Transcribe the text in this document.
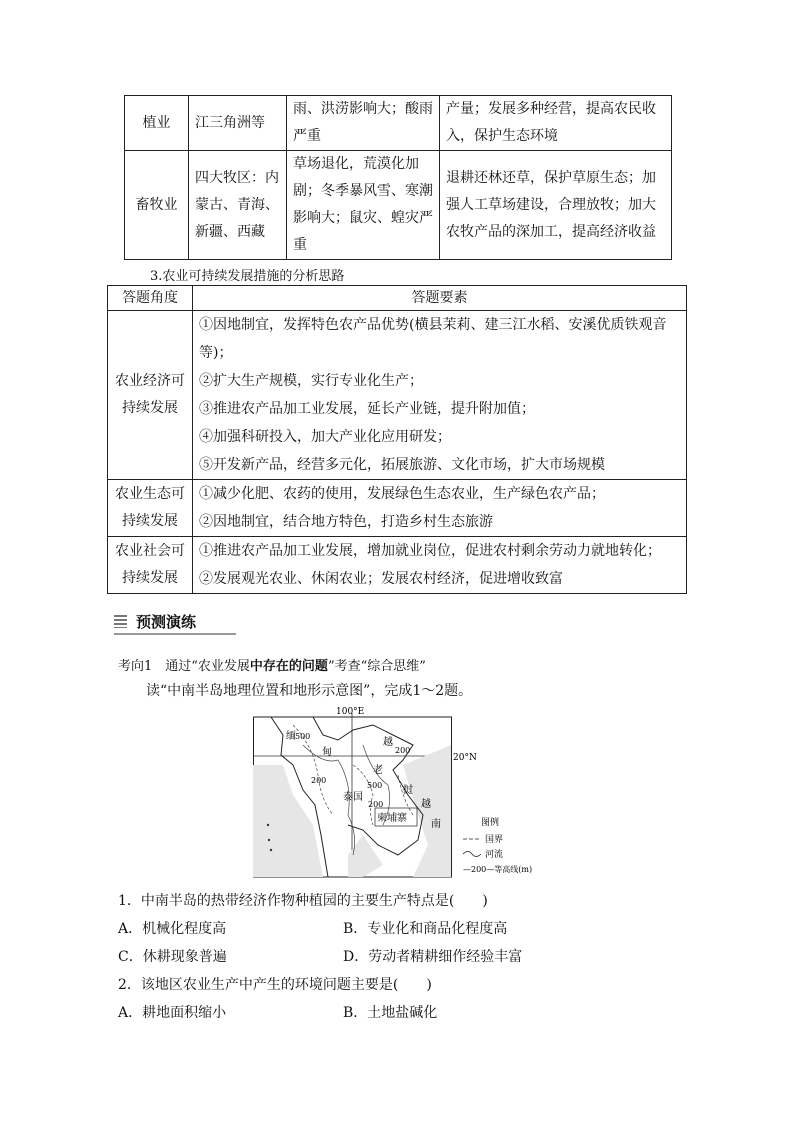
植业	江三角洲等	雨、洪涝影响大；酸雨严重	产量；发展多种经营，提高农民收入，保护生态环境
畜牧业	四大牧区：内蒙古、青海、新疆、西藏	草场退化，荒漠化加剧；冬季暴风雪、寒潮影响大；鼠灾、蝗灾严重	退耕还林还草，保护草原生态；加强人工草场建设，合理放牧；加大农牧产品的深加工，提高经济收益
3.农业可持续发展措施的分析思路
答题角度	答题要素
农业经济可持续发展	①因地制宜，发挥特色农产品优势(横县茉莉、建三江水稻、安溪优质铁观音等)；
②扩大生产规模，实行专业化生产；
③推进农产品加工业发展，延长产业链，提升附加值；
④加强科研投入，加大产业化应用研发；
⑤开发新产品，经营多元化，拓展旅游、文化市场，扩大市场规模

农业生态可持续发展	①减少化肥、农药的使用，发展绿色生态农业，生产绿色农产品；
②因地制宜，结合地方特色，打造乡村生态旅游

农业社会可持续发展	①推进农产品加工业发展，增加就业岗位，促进农村剩余劳动力就地转化；
②发展观光农业、休闲农业；发展农村经济，促进增收致富
预测演练
考向1　通过“农业发展中存在的问题”考查“综合思维”
读“中南半岛地理位置和地形示意图”，完成1～2题。
100°E
20°N
缅
甸
越
老
泰国
柬埔寨
南
越
挝
500
200
500
200
200
图例
国界
河流
—200—等高线(m)
1．中南半岛的热带经济作物种植园的主要生产特点是(　　)
A．机械化程度高	B．专业化和商品化程度高
C．休耕现象普遍	D．劳动者精耕细作经验丰富
2．该地区农业生产中产生的环境问题主要是(　　)
A．耕地面积缩小	B．土地盐碱化
